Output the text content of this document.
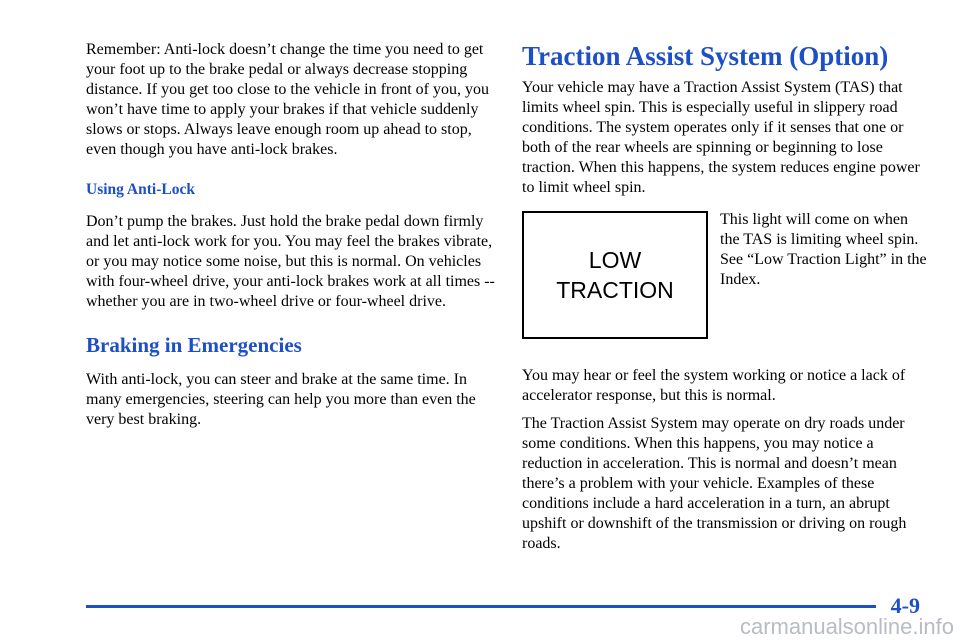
Remember: Anti-lock doesn’t change the time you need to get your foot up to the brake pedal or always decrease stopping distance. If you get too close to the vehicle in front of you, you won’t have time to apply your brakes if that vehicle suddenly slows or stops. Always leave enough room up ahead to stop, even though you have anti-lock brakes.

Using Anti-Lock

Don’t pump the brakes. Just hold the brake pedal down firmly and let anti-lock work for you. You may feel the brakes vibrate, or you may notice some noise, but this is normal. On vehicles with four-wheel drive, your anti-lock brakes work at all times -- whether you are in two-wheel drive or four-wheel drive.

Braking in Emergencies

With anti-lock, you can steer and brake at the same time. In many emergencies, steering can help you more than even the very best braking.

Traction Assist System (Option)

Your vehicle may have a Traction Assist System (TAS) that limits wheel spin. This is especially useful in slippery road conditions. The system operates only if it senses that one or both of the rear wheels are spinning or beginning to lose traction. When this happens, the system reduces engine power to limit wheel spin.

LOW
TRACTION

This light will come on when the TAS is limiting wheel spin. See “Low Traction Light” in the Index.

You may hear or feel the system working or notice a lack of accelerator response, but this is normal.

The Traction Assist System may operate on dry roads under some conditions. When this happens, you may notice a reduction in acceleration. This is normal and doesn’t mean there’s a problem with your vehicle. Examples of these conditions include a hard acceleration in a turn, an abrupt upshift or downshift of the transmission or driving on rough roads.

4-9
carmanualsonline.info
